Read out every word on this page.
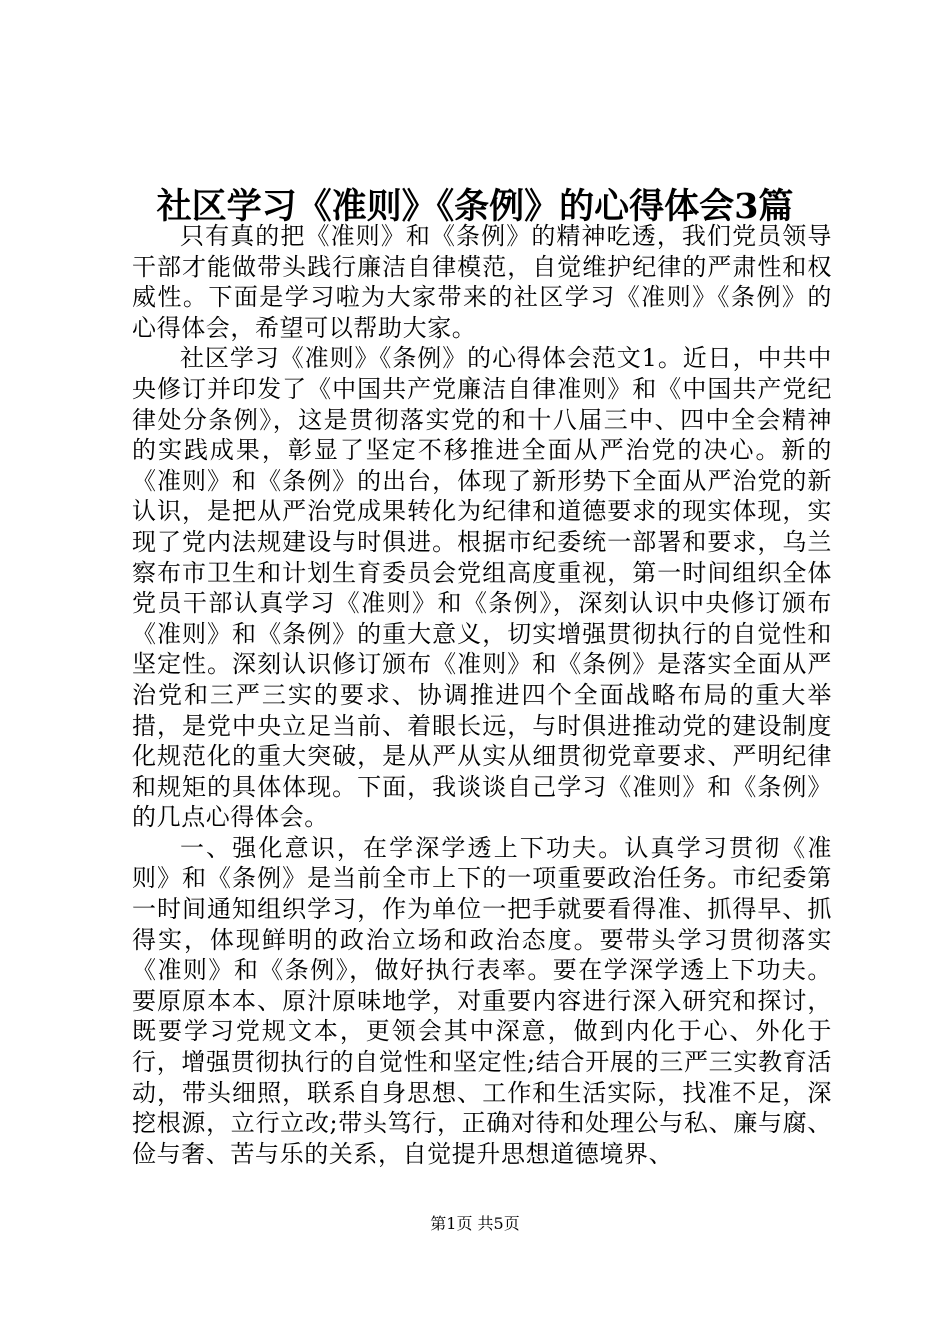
社区学习《准则》《条例》的心得体会3篇

只有真的把《准则》和《条例》的精神吃透，我们党员领导干部才能做带头践行廉洁自律模范，自觉维护纪律的严肃性和权威性。下面是学习啦为大家带来的社区学习《准则》《条例》的心得体会，希望可以帮助大家。

社区学习《准则》《条例》的心得体会范文1。近日，中共中央修订并印发了《中国共产党廉洁自律准则》和《中国共产党纪律处分条例》，这是贯彻落实党的和十八届三中、四中全会精神的实践成果，彰显了坚定不移推进全面从严治党的决心。新的《准则》和《条例》的出台，体现了新形势下全面从严治党的新认识，是把从严治党成果转化为纪律和道德要求的现实体现，实现了党内法规建设与时俱进。根据市纪委统一部署和要求，乌兰察布市卫生和计划生育委员会党组高度重视，第一时间组织全体党员干部认真学习《准则》和《条例》，深刻认识中央修订颁布《准则》和《条例》的重大意义，切实增强贯彻执行的自觉性和坚定性。深刻认识修订颁布《准则》和《条例》是落实全面从严治党和三严三实的要求、协调推进四个全面战略布局的重大举措，是党中央立足当前、着眼长远，与时俱进推动党的建设制度化规范化的重大突破，是从严从实从细贯彻党章要求、严明纪律和规矩的具体体现。下面，我谈谈自己学习《准则》和《条例》的几点心得体会。

一、强化意识，在学深学透上下功夫。认真学习贯彻《准则》和《条例》是当前全市上下的一项重要政治任务。市纪委第一时间通知组织学习，作为单位一把手就要看得准、抓得早、抓得实，体现鲜明的政治立场和政治态度。要带头学习贯彻落实《准则》和《条例》，做好执行表率。要在学深学透上下功夫。要原原本本、原汁原味地学，对重要内容进行深入研究和探讨，既要学习党规文本，更领会其中深意，做到内化于心、外化于行，增强贯彻执行的自觉性和坚定性;结合开展的三严三实教育活动，带头细照，联系自身思想、工作和生活实际，找准不足，深挖根源，立行立改;带头笃行，正确对待和处理公与私、廉与腐、俭与奢、苦与乐的关系，自觉提升思想道德境界、

第1页 共5页
